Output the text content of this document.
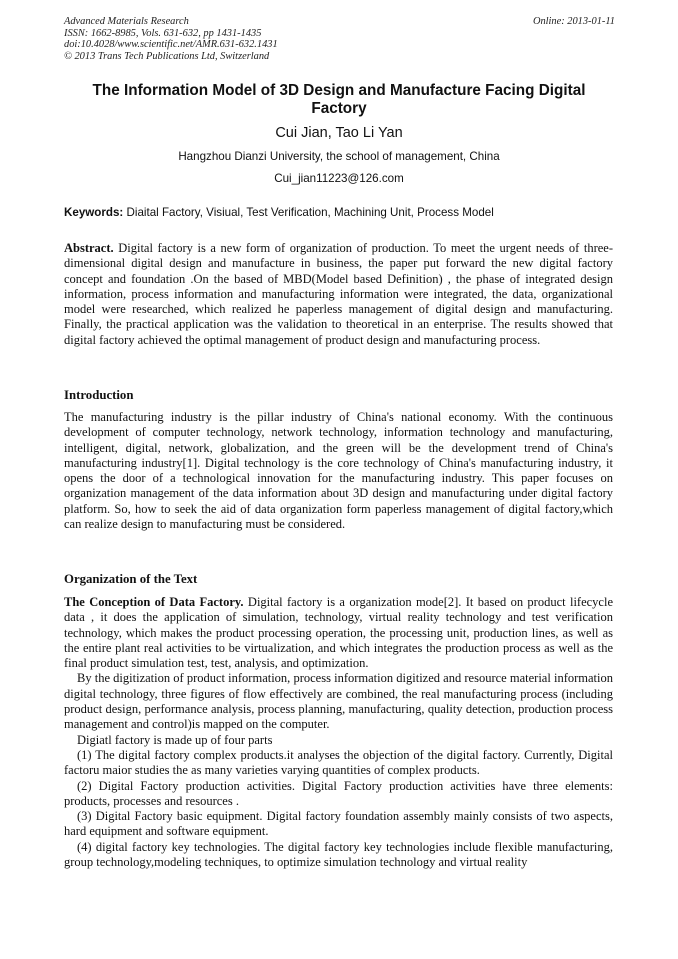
Advanced Materials Research
ISSN: 1662-8985, Vols. 631-632, pp 1431-1435
doi:10.4028/www.scientific.net/AMR.631-632.1431
© 2013 Trans Tech Publications Ltd, Switzerland
Online: 2013-01-11
The Information Model of 3D Design and Manufacture Facing Digital Factory
Cui Jian, Tao Li Yan
Hangzhou Dianzi University, the school of management, China
Cui_jian11223@126.com
Keywords: Diaital Factory, Visiual, Test Verification, Machining Unit, Process Model

Abstract. Digital factory is a new form of organization of production. To meet the urgent needs of three-dimensional digital design and manufacture in business, the paper put forward the new digital factory concept and foundation .On the based of MBD(Model based Definition) , the phase of integrated design information, process information and manufacturing information were integrated, the data, organizational model were researched, which realized he paperless management of digital design and manufacturing. Finally, the practical application was the validation to theoretical in an enterprise. The results showed that digital factory achieved the optimal management of product design and manufacturing process.

Introduction

The manufacturing industry is the pillar industry of China's national economy. With the continuous development of computer technology, network technology, information technology and manufacturing, intelligent, digital, network, globalization, and the green will be the development trend of China's manufacturing industry[1]. Digital technology is the core technology of China's manufacturing industry, it opens the door of a technological innovation for the manufacturing industry. This paper focuses on organization management of the data information about 3D design and manufacturing under digital factory platform. So, how to seek the aid of data organization form paperless management of digital factory,which can realize design to manufacturing must be considered.

Organization of the Text

The Conception of Data Factory. Digital factory is a organization mode[2]. It based on product lifecycle data , it does the application of simulation, technology, virtual reality technology and test verification technology, which makes the product processing operation, the processing unit, production lines, as well as the entire plant real activities to be virtualization, and which integrates the production process as well as the final product simulation test, test, analysis, and optimization.

By the digitization of product information, process information digitized and resource material information digital technology, three figures of flow effectively are combined, the real manufacturing process (including product design, performance analysis, process planning, manufacturing, quality detection, production process management and control)is mapped on the computer.

Digiatl factory is made up of four parts

(1) The digital factory complex products.it analyses the objection of the digital factory. Currently, Digital factoru maior studies the as many varieties varying quantities of complex products.

(2) Digital Factory production activities. Digital Factory production activities have three elements: products, processes and resources .

(3) Digital Factory basic equipment. Digital factory foundation assembly mainly consists of two aspects, hard equipment and software equipment.

(4) digital factory key technologies. The digital factory key technologies include flexible manufacturing, group technology,modeling techniques, to optimize simulation technology and virtual reality
